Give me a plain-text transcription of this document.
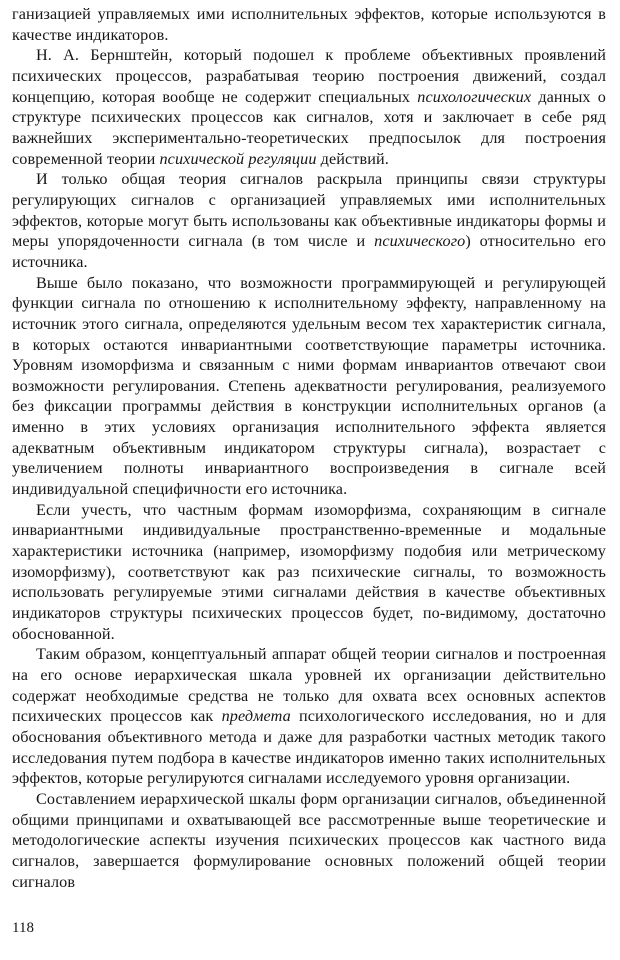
ганизацией управляемых ими исполнительных эффектов, которые используются в качестве индикаторов.

Н. А. Бернштейн, который подошел к проблеме объективных проявлений психических процессов, разрабатывая теорию построения движений, создал концепцию, которая вообще не содержит специальных психологических данных о структуре психических процессов как сигналов, хотя и заключает в себе ряд важнейших экспериментально-теоретических предпосылок для построения современной теории психической регуляции действий.

И только общая теория сигналов раскрыла принципы связи структуры регулирующих сигналов с организацией управляемых ими исполнительных эффектов, которые могут быть использованы как объективные индикаторы формы и меры упорядоченности сигнала (в том числе и психического) относительно его источника.

Выше было показано, что возможности программирующей и регулирующей функции сигнала по отношению к исполнительному эффекту, направленному на источник этого сигнала, определяются удельным весом тех характеристик сигнала, в которых остаются инвариантными соответствующие параметры источника. Уровням изоморфизма и связанным с ними формам инвариантов отвечают свои возможности регулирования. Степень адекватности регулирования, реализуемого без фиксации программы действия в конструкции исполнительных органов (а именно в этих условиях организация исполнительного эффекта является адекватным объективным индикатором структуры сигнала), возрастает с увеличением полноты инвариантного воспроизведения в сигнале всей индивидуальной специфичности его источника.

Если учесть, что частным формам изоморфизма, сохраняющим в сигнале инвариантными индивидуальные пространственно-временные и модальные характеристики источника (например, изоморфизму подобия или метрическому изоморфизму), соответствуют как раз психические сигналы, то возможность использовать регулируемые этими сигналами действия в качестве объективных индикаторов структуры психических процессов будет, по-видимому, достаточно обоснованной.

Таким образом, концептуальный аппарат общей теории сигналов и построенная на его основе иерархическая шкала уровней их организации действительно содержат необходимые средства не только для охвата всех основных аспектов психических процессов как предмета психологического исследования, но и для обоснования объективного метода и даже для разработки частных методик такого исследования путем подбора в качестве индикаторов именно таких исполнительных эффектов, которые регулируются сигналами исследуемого уровня организации.

Составлением иерархической шкалы форм организации сигналов, объединенной общими принципами и охватывающей все рассмотренные выше теоретические и методологические аспекты изучения психических процессов как частного вида сигналов, завершается формулирование основных положений общей теории сигналов

118
